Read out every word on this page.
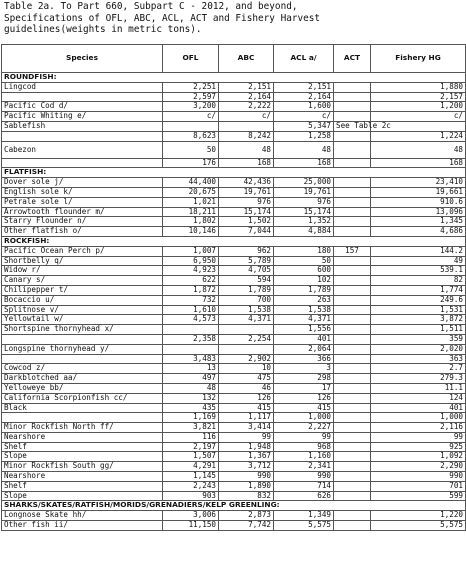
Table 2a. To Part 660, Subpart C - 2012, and beyond,
Specifications of OFL, ABC, ACL, ACT and Fishery Harvest
guidelines(weights in metric tons).
Species	OFL	ABC	ACL a/	ACT	Fishery HG
ROUNDFISH:					
Lingcod	2,251	2,151	2,151		1,880
	2,597	2,164	2,164		2,157
Pacific Cod d/	3,200	2,222	1,600		1,200
Pacific Whiting e/	c/	c/	c/		c/
Sablefish			5,347	See Table 2c	
	8,623	8,242	1,258		1,224
Cabezon	50	48	48		48
	176	168	168		168
FLATFISH:					
Dover sole j/	44,400	42,436	25,000		23,410
English sole k/	20,675	19,761	19,761		19,661
Petrale sole l/	1,021	976	976		910.6
Arrowtooth flounder m/	18,211	15,174	15,174		13,096
Starry Flounder n/	1,802	1,502	1,352		1,345
Other flatfish o/	10,146	7,044	4,884		4,686
ROCKFISH:					
Pacific Ocean Perch p/	1,007	962	180	157	144.2
Shortbelly q/	6,950	5,789	50		49
Widow r/	4,923	4,705	600		539.1
Canary s/	622	594	102		82
Chilipepper t/	1,872	1,789	1,789		1,774
Bocaccio u/	732	700	263		249.6
Splitnose v/	1,610	1,538	1,538		1,531
Yellowtail w/	4,573	4,371	4,371		3,872
Shortspine thornyhead x/			1,556		1,511
	2,358	2,254	401		359
Longspine thornyhead y/			2,064		2,020
	3,483	2,902	366		363
Cowcod z/	13	10	3		2.7
Darkblotched aa/	497	475	298		279.3
Yelloweye bb/	48	46	17		11.1
California Scorpionfish cc/	132	126	126		124
Black	435	415	415		401
	1,169	1,117	1,000		1,000
Minor Rockfish North ff/	3,821	3,414	2,227		2,116
Nearshore	116	99	99		99
Shelf	2,197	1,948	968		925
Slope	1,507	1,367	1,160		1,092
Minor Rockfish South gg/	4,291	3,712	2,341		2,290
Nearshore	1,145	990	990		990
Shelf	2,243	1,890	714		701
Slope	903	832	626		599
SHARKS/SKATES/RATFISH/MORIDS/GRENADIERS/KELP GREENLING:					
Longnose Skate hh/	3,006	2,873	1,349		1,220
Other fish ii/	11,150	7,742	5,575		5,575
